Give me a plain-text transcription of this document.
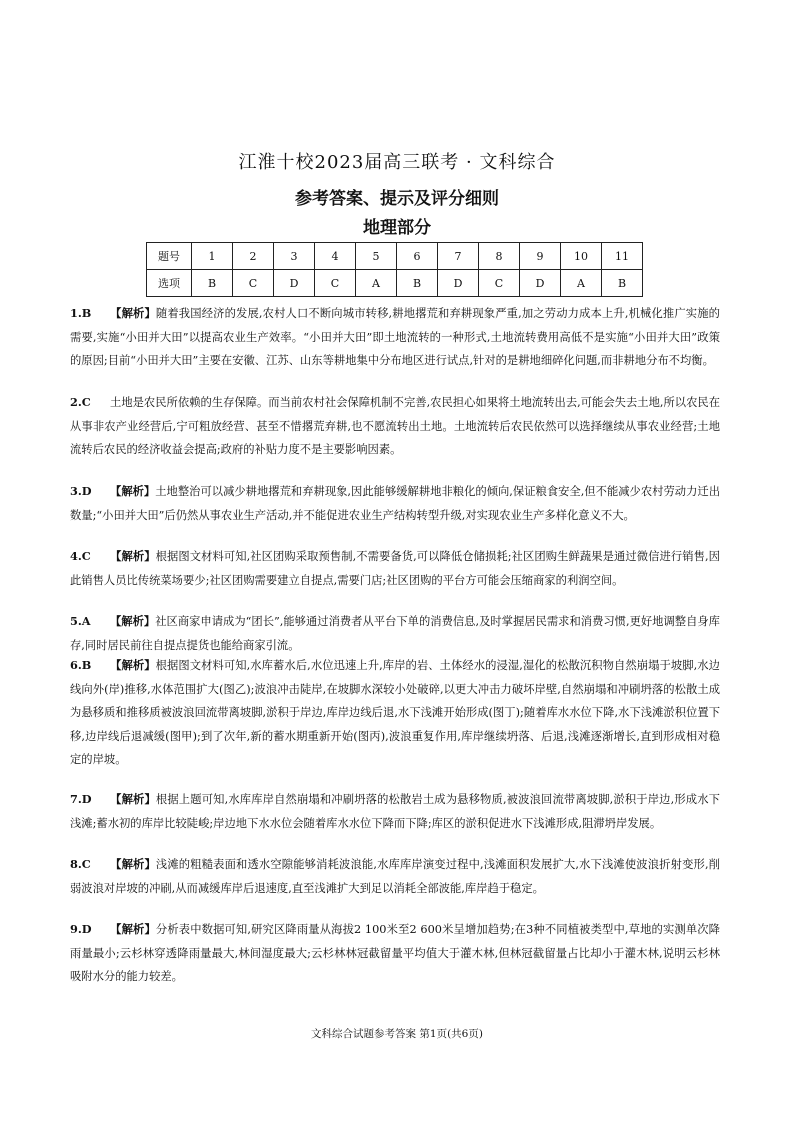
江淮十校2023届高三联考 · 文科综合
参考答案、提示及评分细则
地理部分
题号	1	2	3	4	5	6	7	8	9	10	11
选项	B	C	D	C	A	B	D	C	D	A	B

1.B 【解析】随着我国经济的发展,农村人口不断向城市转移,耕地撂荒和弃耕现象严重,加之劳动力成本上升,机械化推广实施的需要,实施“小田并大田”以提高农业生产效率。“小田并大田”即土地流转的一种形式,土地流转费用高低不是实施“小田并大田”政策的原因;目前“小田并大田”主要在安徽、江苏、山东等耕地集中分布地区进行试点,针对的是耕地细碎化问题,而非耕地分布不均衡。

2.C 土地是农民所依赖的生存保障。而当前农村社会保障机制不完善,农民担心如果将土地流转出去,可能会失去土地,所以农民在从事非农产业经营后,宁可粗放经营、甚至不惜撂荒弃耕,也不愿流转出土地。土地流转后农民依然可以选择继续从事农业经营;土地流转后农民的经济收益会提高;政府的补贴力度不是主要影响因素。

3.D 【解析】土地整治可以减少耕地撂荒和弃耕现象,因此能够缓解耕地非粮化的倾向,保证粮食安全,但不能减少农村劳动力迁出数量;“小田并大田”后仍然从事农业生产活动,并不能促进农业生产结构转型升级,对实现农业生产多样化意义不大。

4.C 【解析】根据图文材料可知,社区团购采取预售制,不需要备货,可以降低仓储损耗;社区团购生鲜蔬果是通过微信进行销售,因此销售人员比传统菜场要少;社区团购需要建立自提点,需要门店;社区团购的平台方可能会压缩商家的利润空间。

5.A 【解析】社区商家申请成为“团长”,能够通过消费者从平台下单的消费信息,及时掌握居民需求和消费习惯,更好地调整自身库存,同时居民前往自提点提货也能给商家引流。

6.B 【解析】根据图文材料可知,水库蓄水后,水位迅速上升,库岸的岩、土体经水的浸湿,湿化的松散沉积物自然崩塌于坡脚,水边线向外(岸)推移,水体范围扩大(图乙);波浪冲击陡岸,在坡脚水深较小处破碎,以更大冲击力破坏岸壁,自然崩塌和冲刷坍落的松散土成为悬移质和推移质被波浪回流带离坡脚,淤积于岸边,库岸边线后退,水下浅滩开始形成(图丁);随着库水水位下降,水下浅滩淤积位置下移,边岸线后退减缓(图甲);到了次年,新的蓄水期重新开始(图丙),波浪重复作用,库岸继续坍落、后退,浅滩逐渐增长,直到形成相对稳定的岸坡。

7.D 【解析】根据上题可知,水库库岸自然崩塌和冲刷坍落的松散岩土成为悬移物质,被波浪回流带离坡脚,淤积于岸边,形成水下浅滩;蓄水初的库岸比较陡峻;岸边地下水水位会随着库水水位下降而下降;库区的淤积促进水下浅滩形成,阻滞坍岸发展。

8.C 【解析】浅滩的粗糙表面和透水空隙能够消耗波浪能,水库库岸演变过程中,浅滩面积发展扩大,水下浅滩使波浪折射变形,削弱波浪对岸坡的冲刷,从而减缓库岸后退速度,直至浅滩扩大到足以消耗全部波能,库岸趋于稳定。

9.D 【解析】分析表中数据可知,研究区降雨量从海拔2 100米至2 600米呈增加趋势;在3种不同植被类型中,草地的实测单次降雨量最小;云杉林穿透降雨量最大,林间湿度最大;云杉林林冠截留量平均值大于灌木林,但林冠截留量占比却小于灌木林,说明云杉林吸附水分的能力较差。

文科综合试题参考答案 第1页(共6页)
